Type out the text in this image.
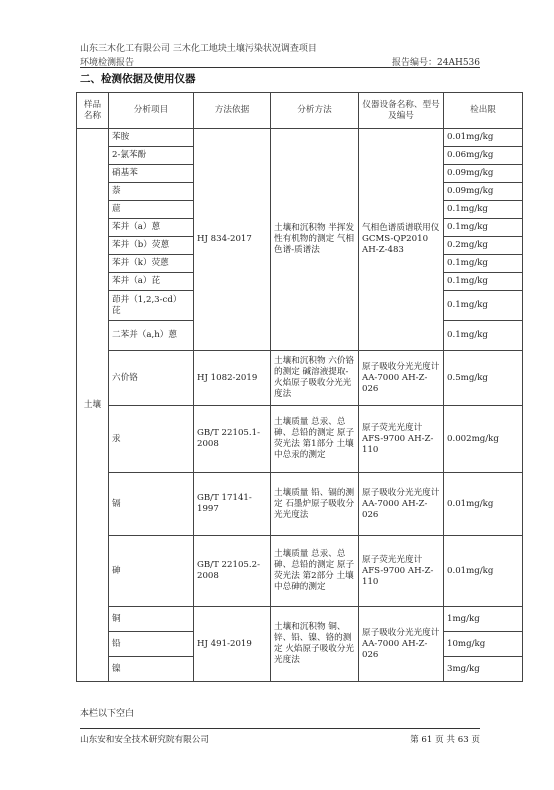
山东三木化工有限公司 三木化工地块土壤污染状况调查项目
环境检测报告	报告编号：24AH536
二、检测依据及使用仪器
样品名称	分析项目	方法依据	分析方法	仪器设备名称、型号及编号	检出限
土壤	苯胺	HJ 834-2017	土壤和沉积物 半挥发性有机物的测定 气相色谱-质谱法	气相色谱质谱联用仪 GCMS-QP2010 AH-Z-483	0.01mg/kg
	2-氯苯酚				0.06mg/kg
	硝基苯				0.09mg/kg
	萘				0.09mg/kg
	䓛				0.1mg/kg
	苯并（a）蒽				0.1mg/kg
	苯并（b）荧蒽				0.2mg/kg
	苯并（k）荧蒽				0.1mg/kg
	苯并（a）芘				0.1mg/kg
	茚并（1,2,3-cd）芘				0.1mg/kg
	二苯并（a,h）蒽				0.1mg/kg
	六价铬	HJ 1082-2019	土壤和沉积物 六价铬的测定 碱溶液提取-火焰原子吸收分光光度法	原子吸收分光光度计 AA-7000 AH-Z-026	0.5mg/kg
	汞	GB/T 22105.1-2008	土壤质量 总汞、总砷、总铅的测定 原子荧光法 第1部分 土壤中总汞的测定	原子荧光光度计 AFS-9700 AH-Z-110	0.002mg/kg
	镉	GB/T 17141-1997	土壤质量 铅、镉的测定 石墨炉原子吸收分光光度法	原子吸收分光光度计 AA-7000 AH-Z-026	0.01mg/kg
	砷	GB/T 22105.2-2008	土壤质量 总汞、总砷、总铅的测定 原子荧光法 第2部分 土壤中总砷的测定	原子荧光光度计 AFS-9700 AH-Z-110	0.01mg/kg
	铜	HJ 491-2019	土壤和沉积物 铜、锌、铅、镍、铬的测定 火焰原子吸收分光光度法	原子吸收分光光度计 AA-7000 AH-Z-026	1mg/kg
	铅				10mg/kg
	镍				3mg/kg
本栏以下空白
山东安和安全技术研究院有限公司	第 61 页 共 63 页
